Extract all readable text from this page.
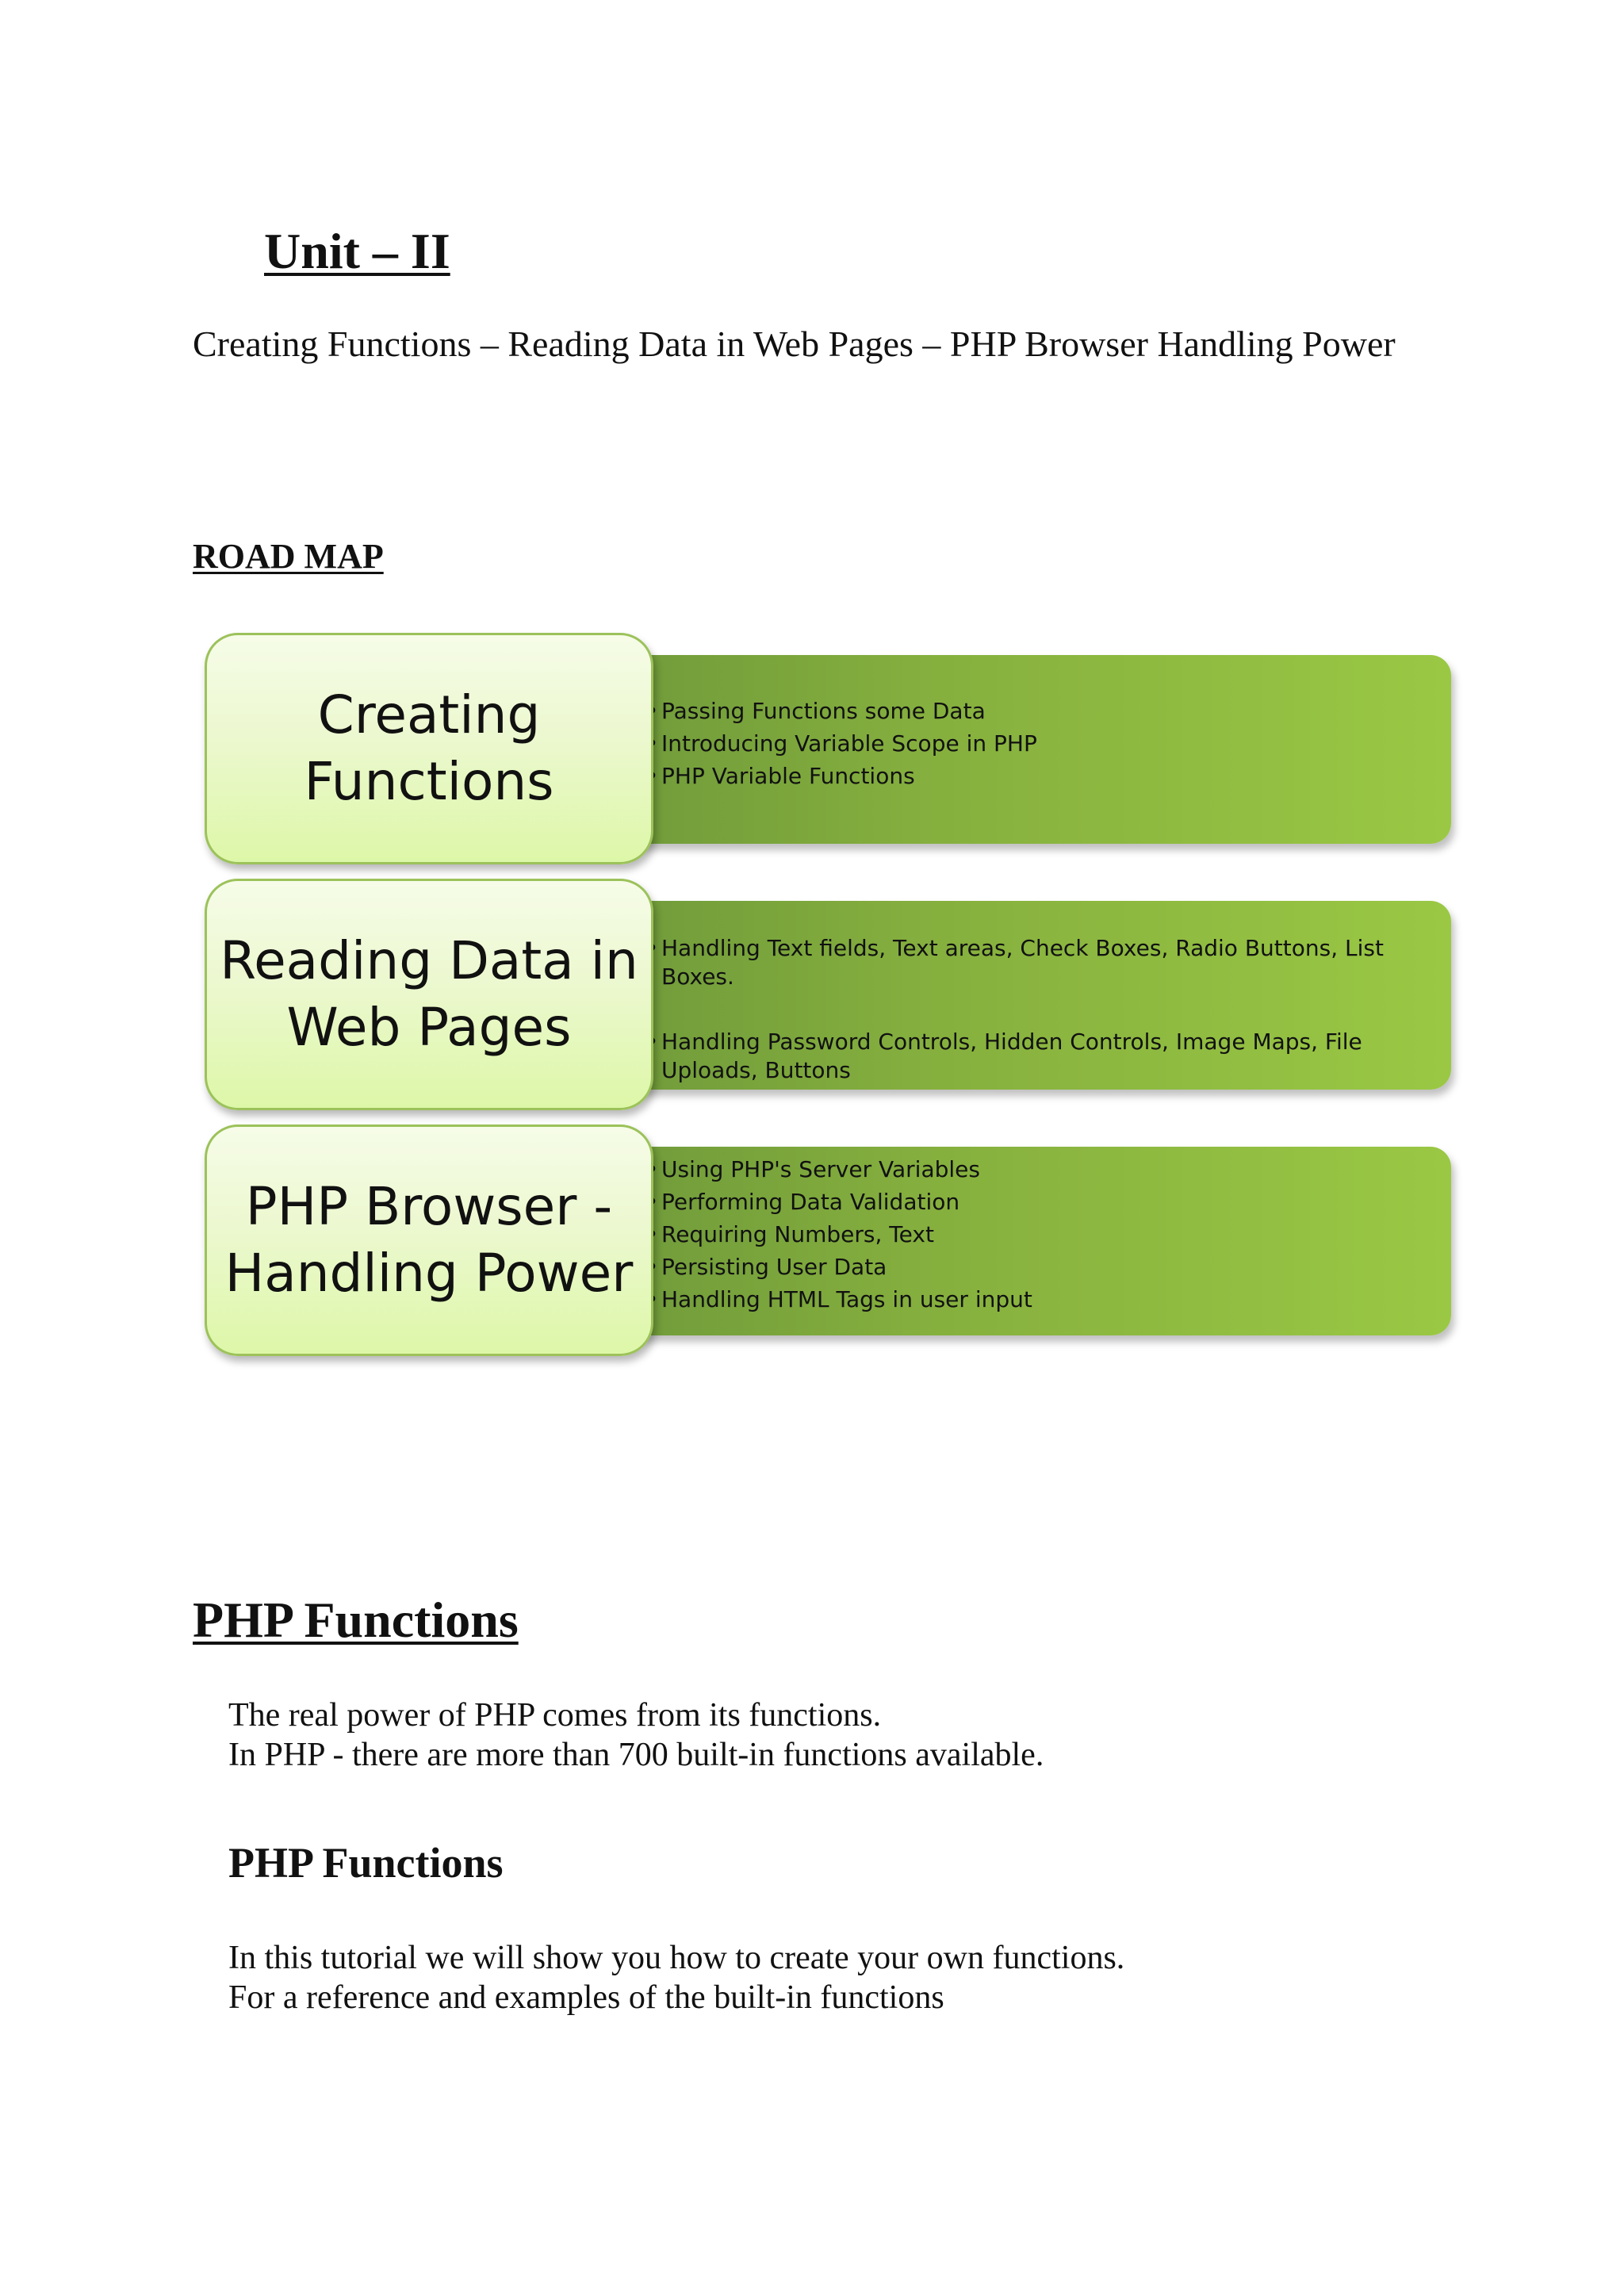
Unit – II

Creating Functions – Reading Data in Web Pages – PHP Browser Handling Power

ROAD MAP
• Passing Functions some Data
• Introducing Variable Scope in PHP
• PHP Variable Functions
Creating
Functions
• Handling Text fields, Text areas, Check Boxes, Radio Buttons, List Boxes.
• Handling Password Controls, Hidden Controls, Image Maps, File Uploads, Buttons
Reading Data in
Web Pages
• Using PHP's Server Variables
• Performing Data Validation
• Requiring Numbers, Text
• Persisting User Data
• Handling HTML Tags in user input
PHP Browser -
Handling Power
PHP Functions

The real power of PHP comes from its functions.
In PHP - there are more than 700 built-in functions available.

PHP Functions

In this tutorial we will show you how to create your own functions.
For a reference and examples of the built-in functions
